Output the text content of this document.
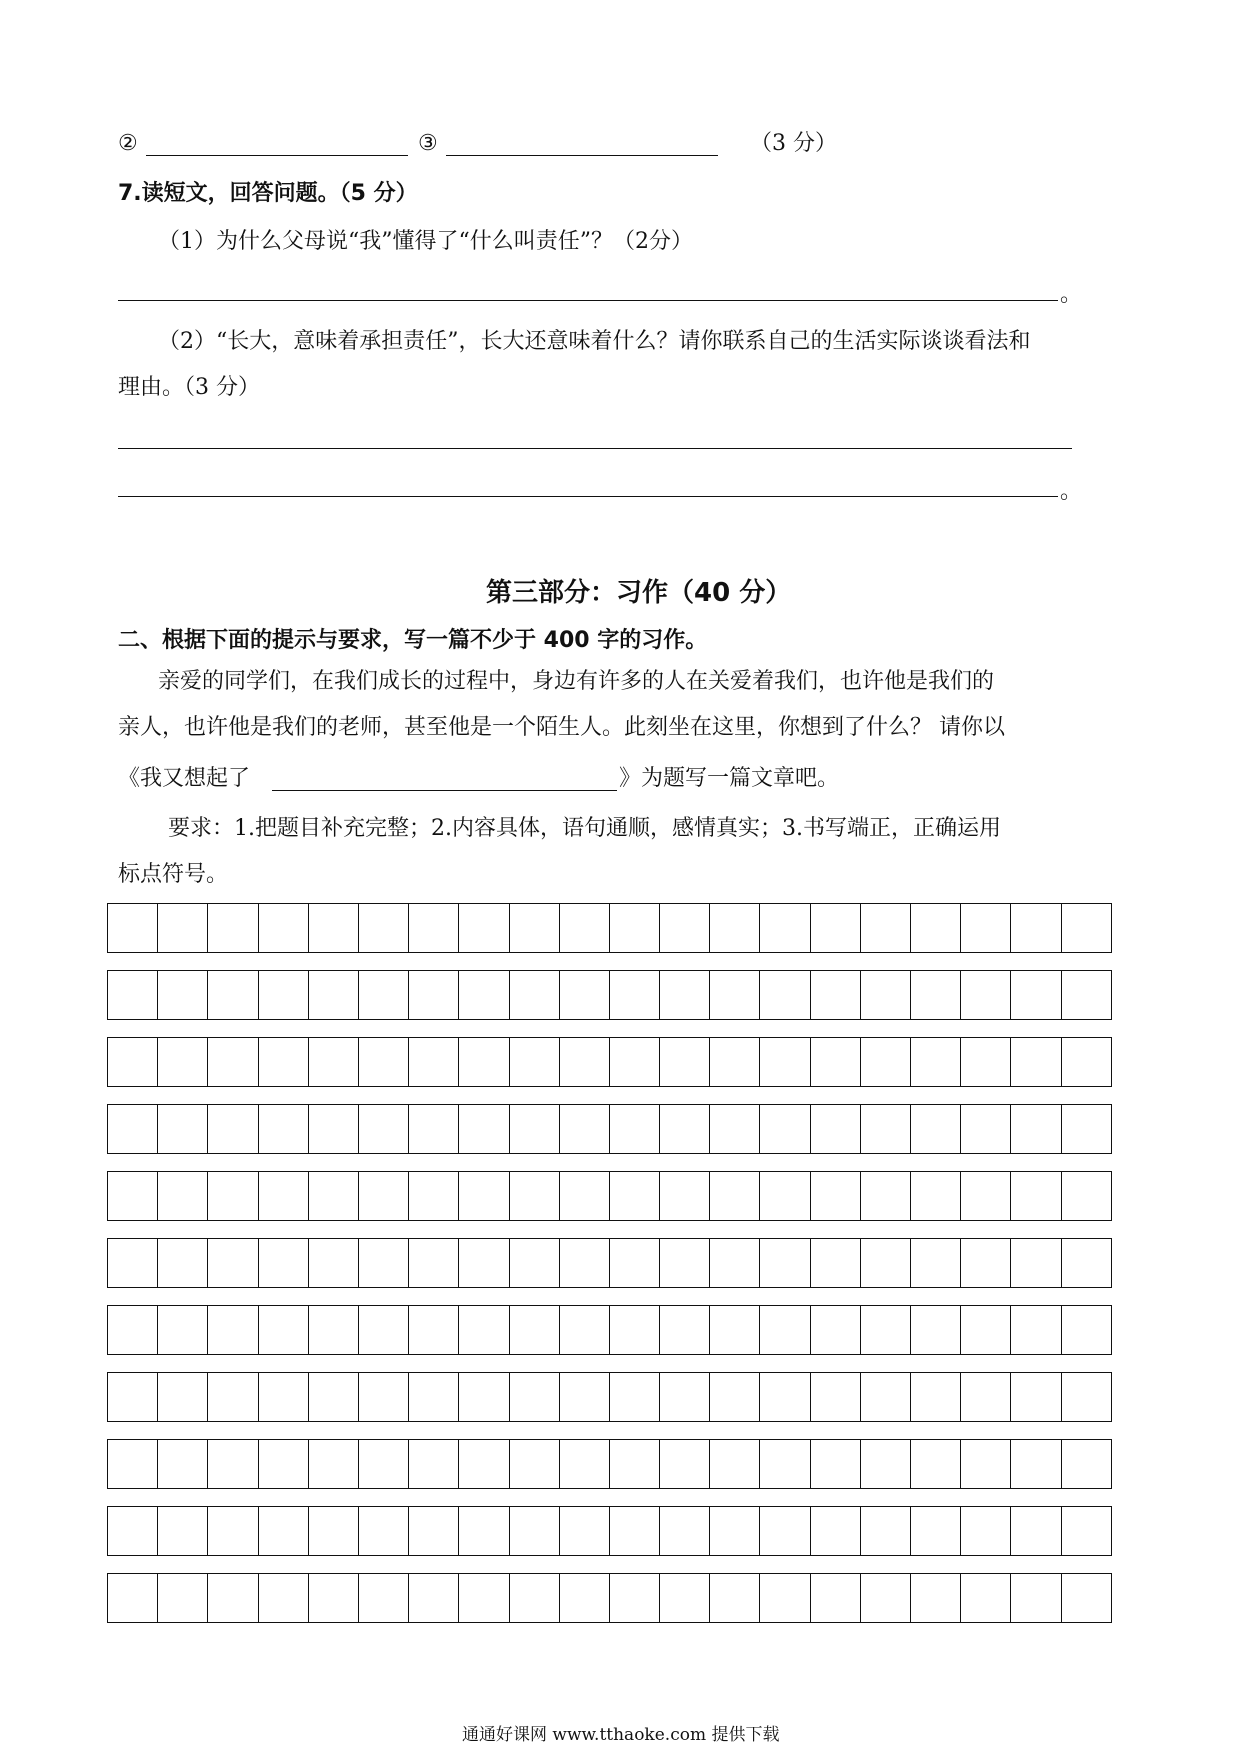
②	③	（3 分）
7.读短文，回答问题。（5 分）
（1）为什么父母说“我”懂得了“什么叫责任”？（2分）
。
（2）“长大，意味着承担责任”，长大还意味着什么？请你联系自己的生活实际谈谈看法和
理由。（3 分）
。
第三部分：习作（40 分）
二、根据下面的提示与要求，写一篇不少于 400 字的习作。
亲爱的同学们，在我们成长的过程中，身边有许多的人在关爱着我们，也许他是我们的
亲人，也许他是我们的老师，甚至他是一个陌生人。此刻坐在这里，你想到了什么？ 请你以
《我又想起了	》为题写一篇文章吧。
要求：1.把题目补充完整；2.内容具体，语句通顺，感情真实；3.书写端正，正确运用
标点符号。
通通好课网 www.tthaoke.com 提供下载
